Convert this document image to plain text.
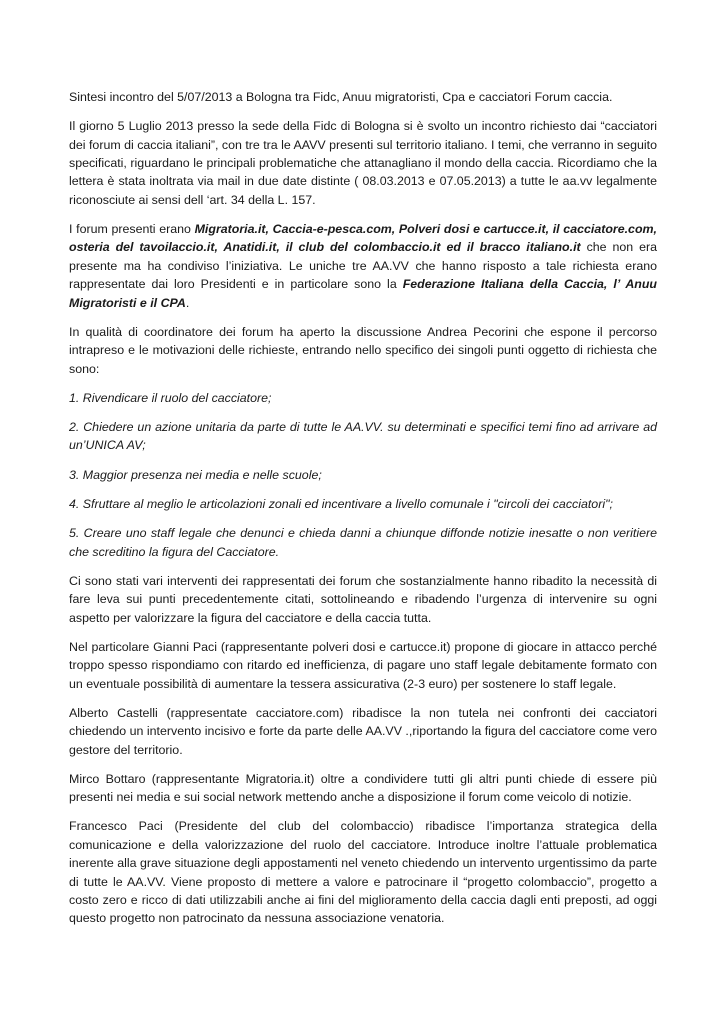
Sintesi incontro del 5/07/2013 a Bologna tra Fidc, Anuu migratoristi, Cpa e cacciatori Forum caccia.

Il giorno 5 Luglio 2013 presso la sede della Fidc di Bologna si è svolto un incontro richiesto dai “cacciatori dei forum di caccia italiani”, con tre tra le AAVV presenti sul territorio italiano. I temi, che verranno in seguito specificati, riguardano le principali problematiche che attanagliano il mondo della caccia. Ricordiamo che la lettera è stata inoltrata via mail in due date distinte ( 08.03.2013 e 07.05.2013) a tutte le aa.vv legalmente riconosciute ai sensi dell ‘art. 34 della L. 157.

I forum presenti erano Migratoria.it, Caccia-e-pesca.com, Polveri dosi e cartucce.it, il cacciatore.com, osteria del tavoilaccio.it, Anatidi.it, il club del colombaccio.it ed il bracco italiano.it che non era presente ma ha condiviso l’iniziativa. Le uniche tre AA.VV che hanno risposto a tale richiesta erano rappresentate dai loro Presidenti e in particolare sono la Federazione Italiana della Caccia, l’ Anuu Migratoristi e il CPA.

In qualità di coordinatore dei forum ha aperto la discussione Andrea Pecorini che espone il percorso intrapreso e le motivazioni delle richieste, entrando nello specifico dei singoli punti oggetto di richiesta che sono:

1. Rivendicare il ruolo del cacciatore;

2. Chiedere un azione unitaria da parte di tutte le AA.VV. su determinati e specifici temi fino ad arrivare ad un’UNICA AV;

3. Maggior presenza nei media e nelle scuole;

4. Sfruttare al meglio le articolazioni zonali ed incentivare a livello comunale i "circoli dei cacciatori";

5. Creare uno staff legale che denunci e chieda danni a chiunque diffonde notizie inesatte o non veritiere che screditino la figura del Cacciatore.

Ci sono stati vari interventi dei rappresentati dei forum che sostanzialmente hanno ribadito la necessità di fare leva sui punti precedentemente citati, sottolineando e ribadendo l’urgenza di intervenire su ogni aspetto per valorizzare la figura del cacciatore e della caccia tutta.

Nel particolare Gianni Paci (rappresentante polveri dosi e cartucce.it) propone di giocare in attacco perché troppo spesso rispondiamo con ritardo ed inefficienza, di pagare uno staff legale debitamente formato con un eventuale possibilità di aumentare la tessera assicurativa (2-3 euro) per sostenere lo staff legale.

Alberto Castelli (rappresentate cacciatore.com) ribadisce la non tutela nei confronti dei cacciatori chiedendo un intervento incisivo e forte da parte delle AA.VV .,riportando la figura del cacciatore come vero gestore del territorio.

Mirco Bottaro (rappresentante Migratoria.it) oltre a condividere tutti gli altri punti chiede di essere più presenti nei media e sui social network mettendo anche a disposizione il forum come veicolo di notizie.

Francesco Paci (Presidente del club del colombaccio) ribadisce l’importanza strategica della comunicazione e della valorizzazione del ruolo del cacciatore. Introduce inoltre l’attuale problematica inerente alla grave situazione degli appostamenti nel veneto chiedendo un intervento urgentissimo da parte di tutte le AA.VV. Viene proposto di mettere a valore e patrocinare il “progetto colombaccio”, progetto a costo zero e ricco di dati utilizzabili anche ai fini del miglioramento della caccia dagli enti preposti, ad oggi questo progetto non patrocinato da nessuna associazione venatoria.
